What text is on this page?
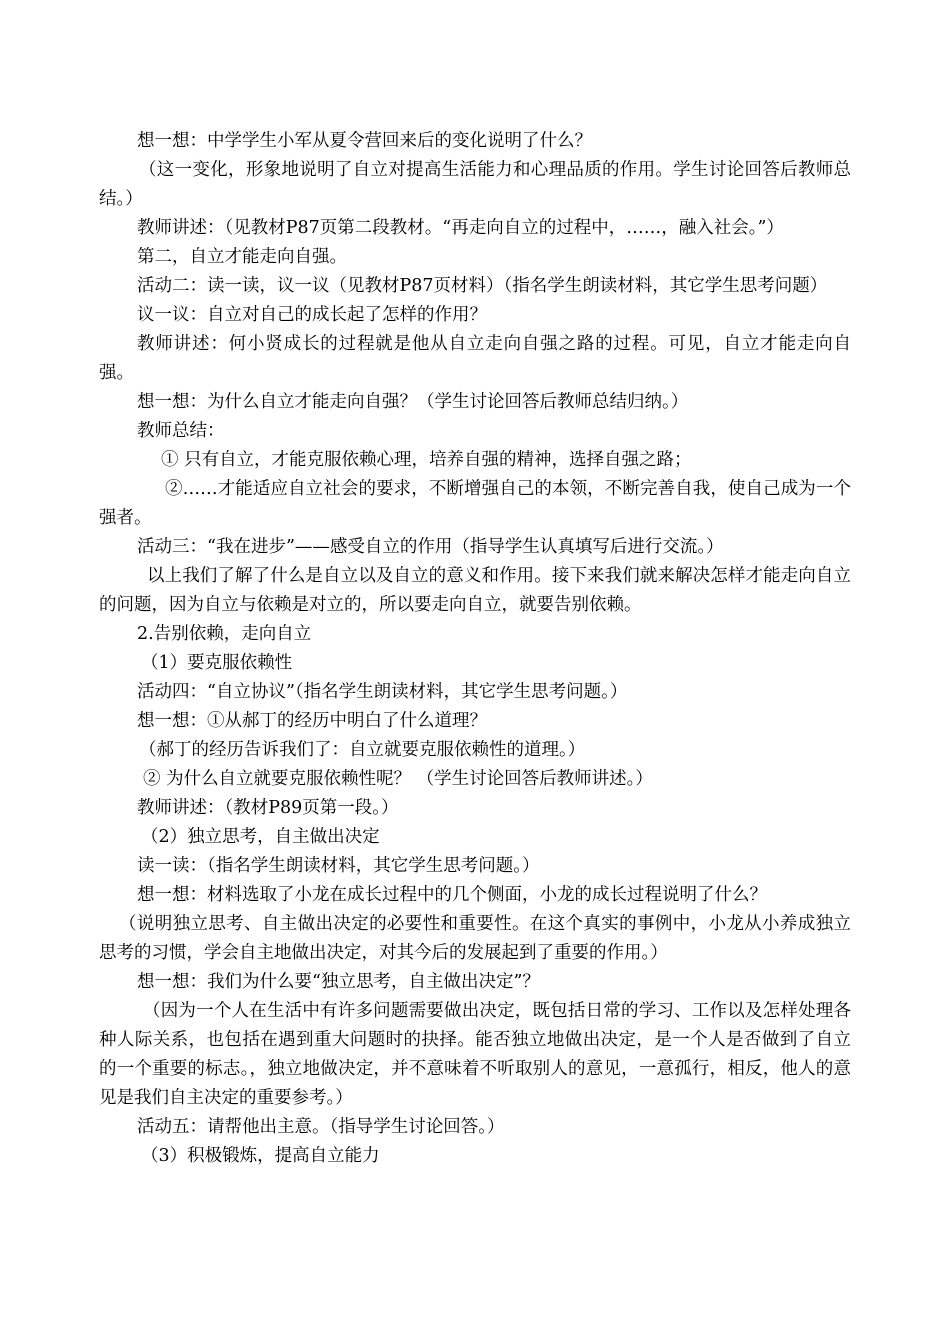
想一想：中学学生小军从夏令营回来后的变化说明了什么？

（这一变化，形象地说明了自立对提高生活能力和心理品质的作用。学生讨论回答后教师总结。）

教师讲述：（见教材P87页第二段教材。“再走向自立的过程中，……，融入社会。”）

第二，自立才能走向自强。

活动二：读一读，议一议（见教材P87页材料）（指名学生朗读材料，其它学生思考问题）

议一议：自立对自己的成长起了怎样的作用？

教师讲述：何小贤成长的过程就是他从自立走向自强之路的过程。可见，自立才能走向自强。

想一想：为什么自立才能走向自强？（学生讨论回答后教师总结归纳。）

教师总结：

① 只有自立，才能克服依赖心理，培养自强的精神，选择自强之路；

②……才能适应自立社会的要求，不断增强自己的本领，不断完善自我，使自己成为一个强者。

活动三：“我在进步”——感受自立的作用（指导学生认真填写后进行交流。）

以上我们了解了什么是自立以及自立的意义和作用。接下来我们就来解决怎样才能走向自立的问题，因为自立与依赖是对立的，所以要走向自立，就要告别依赖。

2.告别依赖，走向自立

（1）要克服依赖性

活动四：“自立协议”（指名学生朗读材料，其它学生思考问题。）

想一想：①从郝丁的经历中明白了什么道理？

（郝丁的经历告诉我们了：自立就要克服依赖性的道理。）

② 为什么自立就要克服依赖性呢？ （学生讨论回答后教师讲述。）

教师讲述：（教材P89页第一段。）

（2）独立思考，自主做出决定

读一读：（指名学生朗读材料，其它学生思考问题。）

想一想：材料选取了小龙在成长过程中的几个侧面，小龙的成长过程说明了什么？

（说明独立思考、自主做出决定的必要性和重要性。在这个真实的事例中，小龙从小养成独立思考的习惯，学会自主地做出决定，对其今后的发展起到了重要的作用。）

想一想：我们为什么要“独立思考，自主做出决定”？

（因为一个人在生活中有许多问题需要做出决定，既包括日常的学习、工作以及怎样处理各种人际关系，也包括在遇到重大问题时的抉择。能否独立地做出决定，是一个人是否做到了自立的一个重要的标志。，独立地做决定，并不意味着不听取别人的意见，一意孤行，相反，他人的意见是我们自主决定的重要参考。）

活动五：请帮他出主意。（指导学生讨论回答。）

（3）积极锻炼，提高自立能力
